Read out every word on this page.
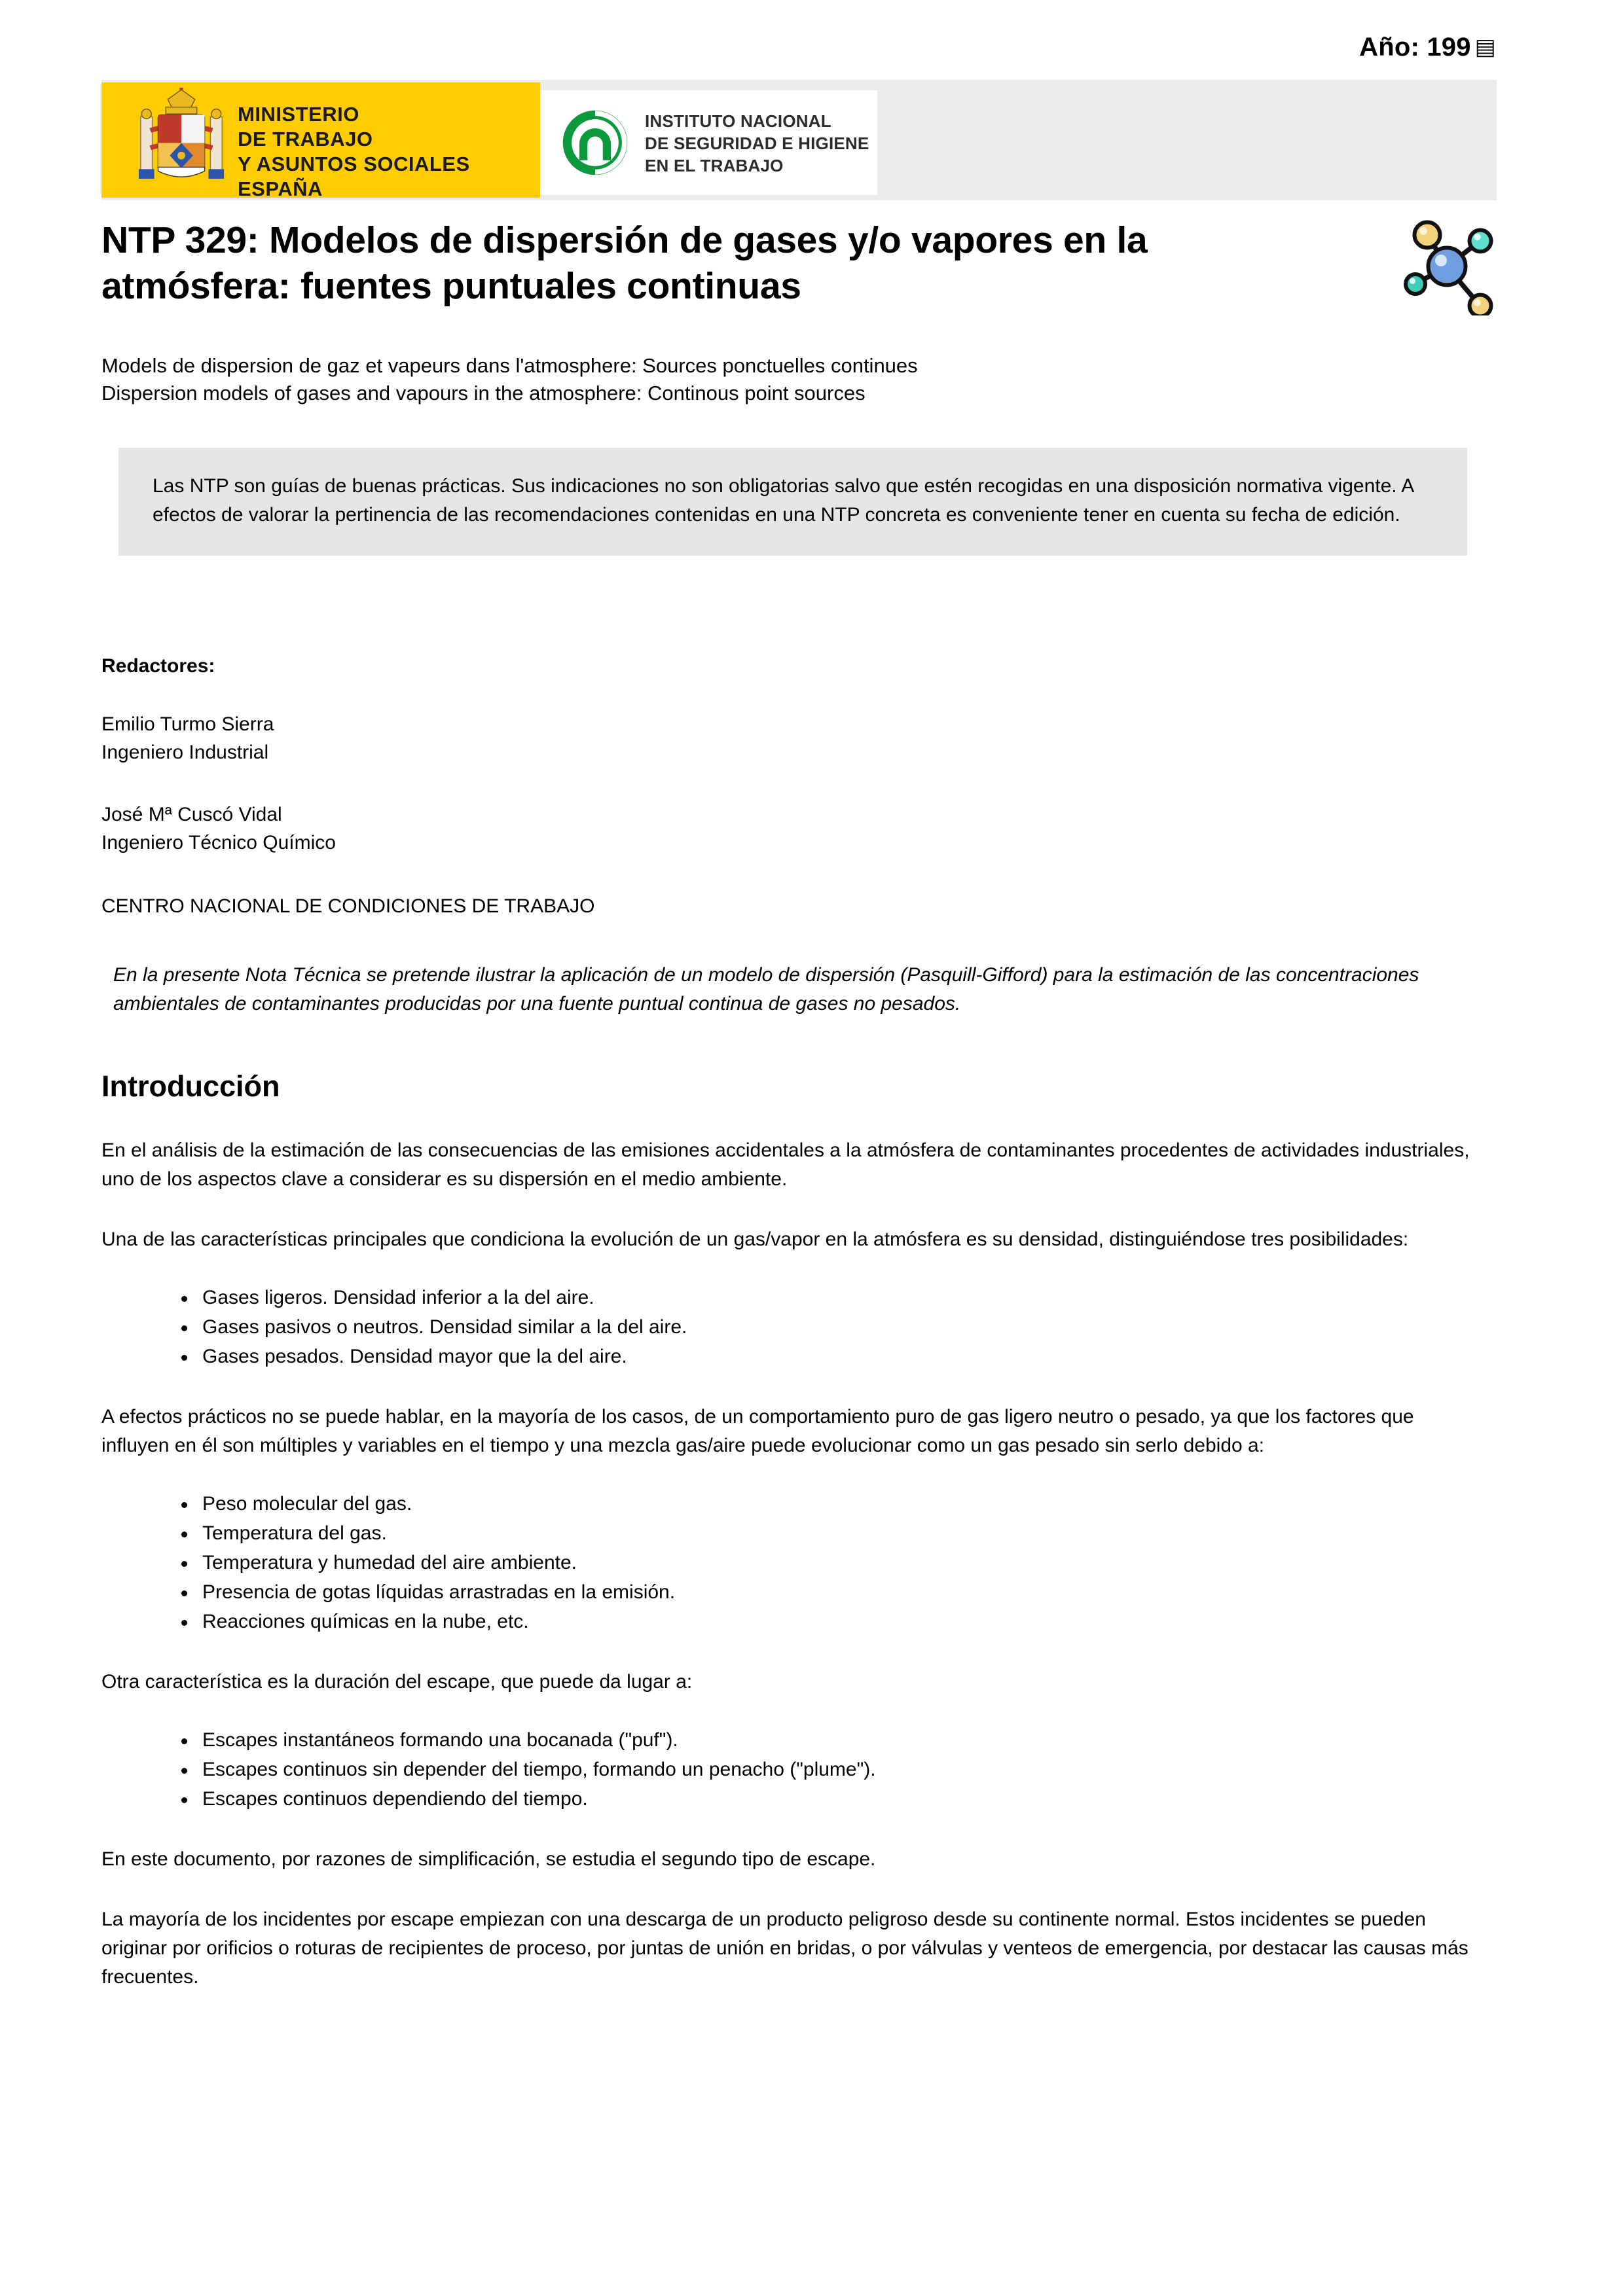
Año: 199 ▤
MINISTERIO
DE TRABAJO
Y ASUNTOS SOCIALES
ESPAÑA
INSTITUTO NACIONAL
DE SEGURIDAD E HIGIENE
EN EL TRABAJO
NTP 329: Modelos de dispersión de gases y/o vapores en la atmósfera: fuentes puntuales continuas
Models de dispersion de gaz et vapeurs dans l'atmosphere: Sources ponctuelles continues
Dispersion models of gases and vapours in the atmosphere: Continous point sources
Las NTP son guías de buenas prácticas. Sus indicaciones no son obligatorias salvo que estén recogidas en una disposición normativa vigente. A efectos de valorar la pertinencia de las recomendaciones contenidas en una NTP concreta es conveniente tener en cuenta su fecha de edición.
Redactores:
Emilio Turmo Sierra
Ingeniero Industrial
José Mª Cuscó Vidal
Ingeniero Técnico Químico
CENTRO NACIONAL DE CONDICIONES DE TRABAJO
En la presente Nota Técnica se pretende ilustrar la aplicación de un modelo de dispersión (Pasquill-Gifford) para la estimación de las concentraciones ambientales de contaminantes producidas por una fuente puntual continua de gases no pesados.
Introducción

En el análisis de la estimación de las consecuencias de las emisiones accidentales a la atmósfera de contaminantes procedentes de actividades industriales, uno de los aspectos clave a considerar es su dispersión en el medio ambiente.

Una de las características principales que condiciona la evolución de un gas/vapor en la atmósfera es su densidad, distinguiéndose tres posibilidades:

Gases ligeros. Densidad inferior a la del aire.
Gases pasivos o neutros. Densidad similar a la del aire.
Gases pesados. Densidad mayor que la del aire.

A efectos prácticos no se puede hablar, en la mayoría de los casos, de un comportamiento puro de gas ligero neutro o pesado, ya que los factores que influyen en él son múltiples y variables en el tiempo y una mezcla gas/aire puede evolucionar como un gas pesado sin serlo debido a:

Peso molecular del gas.
Temperatura del gas.
Temperatura y humedad del aire ambiente.
Presencia de gotas líquidas arrastradas en la emisión.
Reacciones químicas en la nube, etc.

Otra característica es la duración del escape, que puede da lugar a:

Escapes instantáneos formando una bocanada ("puf").
Escapes continuos sin depender del tiempo, formando un penacho ("plume").
Escapes continuos dependiendo del tiempo.

En este documento, por razones de simplificación, se estudia el segundo tipo de escape.

La mayoría de los incidentes por escape empiezan con una descarga de un producto peligroso desde su continente normal. Estos incidentes se pueden originar por orificios o roturas de recipientes de proceso, por juntas de unión en bridas, o por válvulas y venteos de emergencia, por destacar las causas más frecuentes.
